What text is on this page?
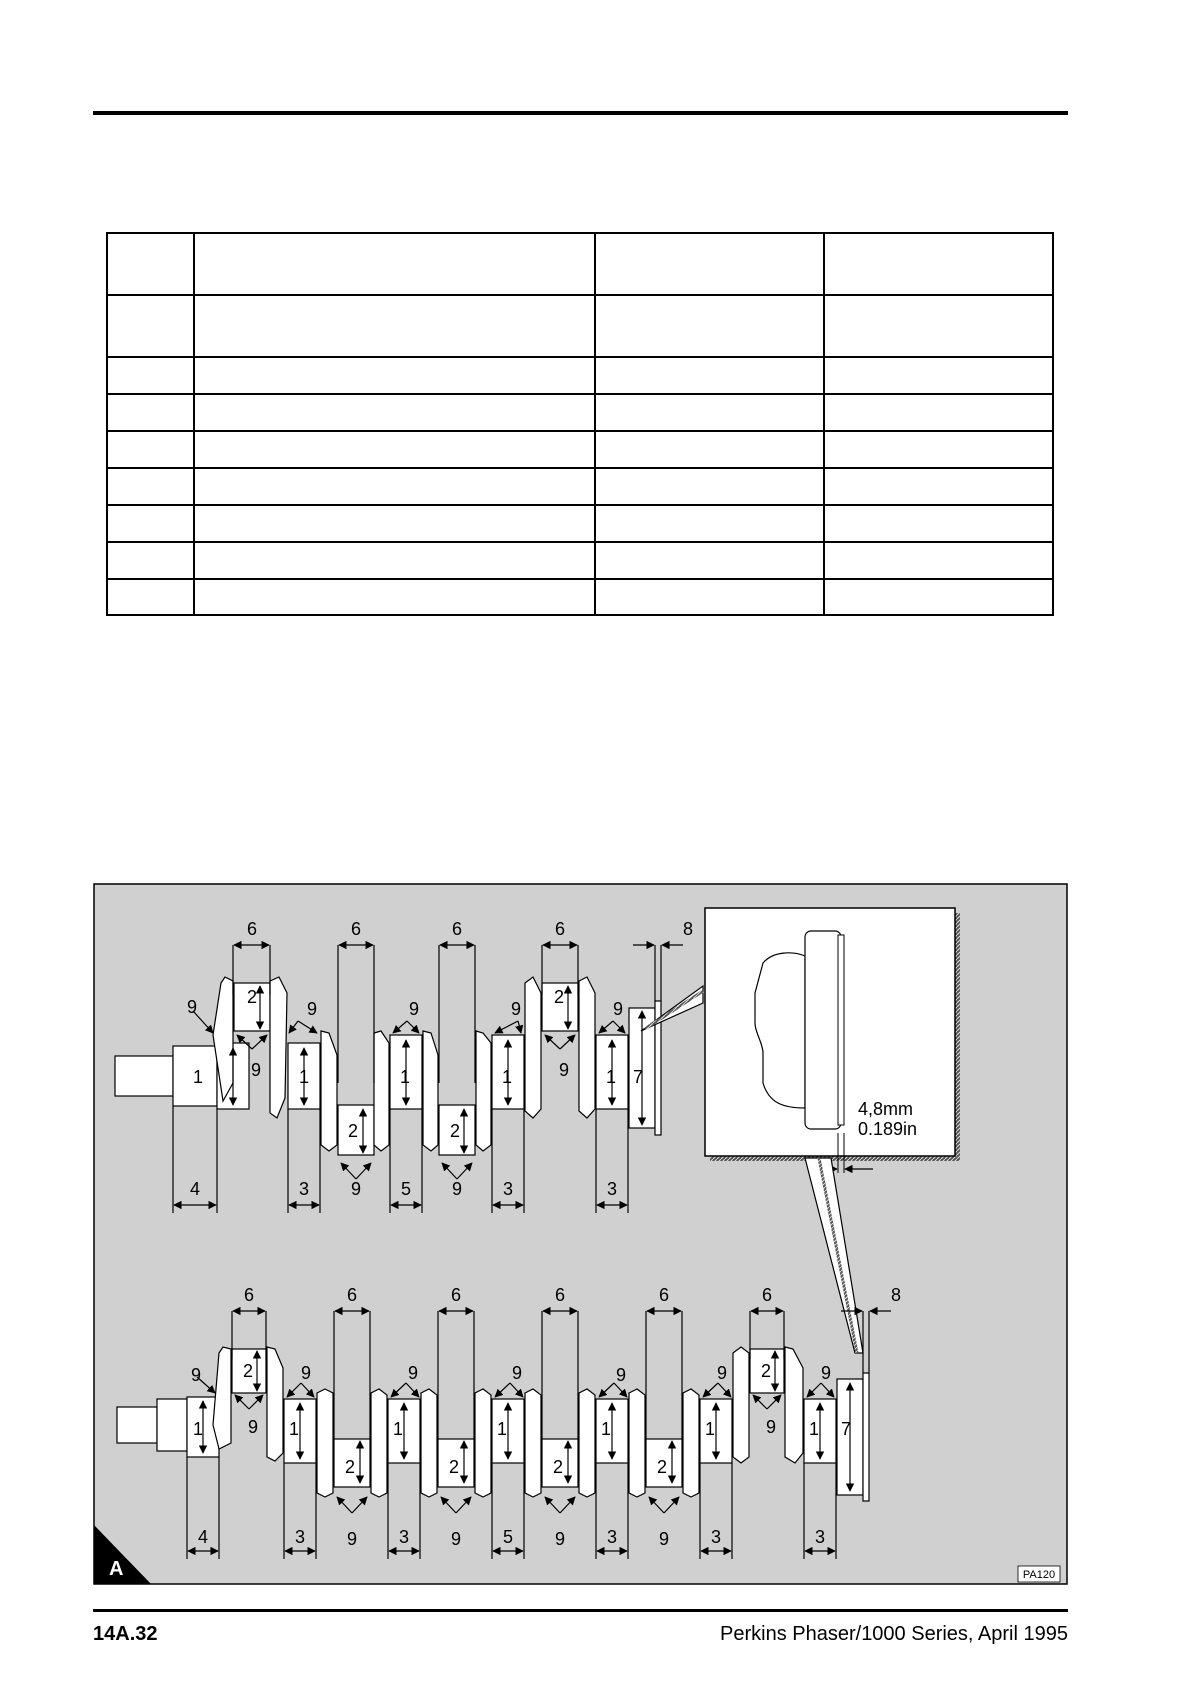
6	6	6	6	8
4	3 9 5 9 3	3
9	2
9
1
9
1
2
9
1
2
9
1
2
9
9
1 7
4,8mm
0.189in
6	6	6	6	6	6	8
4	3 9 3 9 5 9 3 9 3	3
9 2
9
1
9
1
2
9
1
2
9
1
2
9
1
2
9
1
2
9
9
1 7
A	PA120
14A.32	Perkins Phaser/1000 Series, April 1995
